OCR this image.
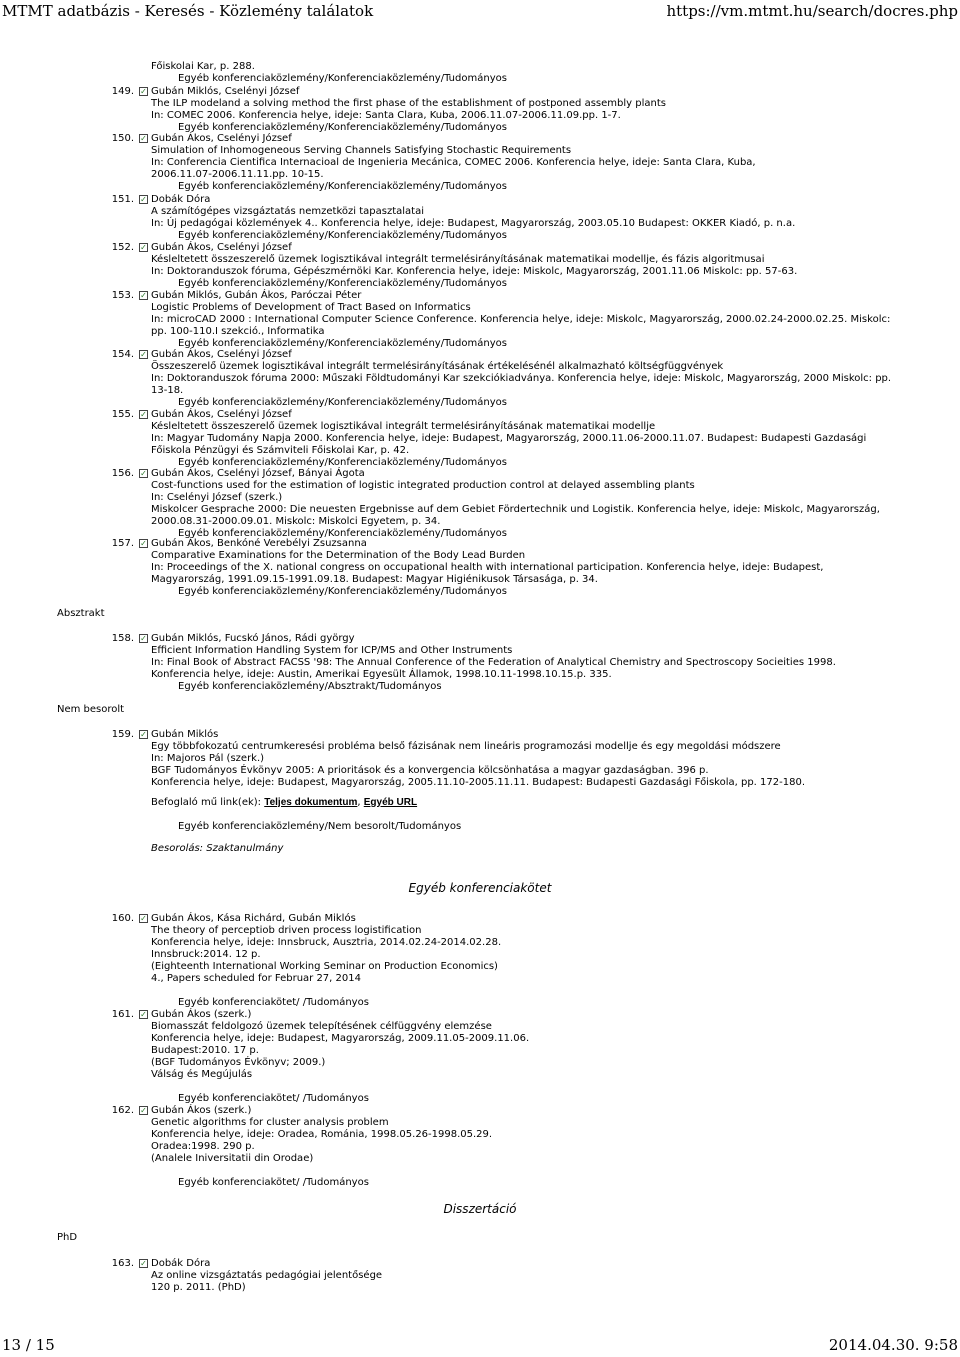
MTMT adatbázis - Keresés - Közlemény találatok	https://vm.mtmt.hu/search/docres.php
Főiskolai Kar, p. 288.
Egyéb konferenciaközlemény/Konferenciaközlemény/Tudományos
149. ✓ Gubán Miklós, Cselényi József
The ILP modeland a solving method the first phase of the establishment of postponed assembly plants
In: COMEC 2006. Konferencia helye, ideje: Santa Clara, Kuba, 2006.11.07-2006.11.09.pp. 1-7.
Egyéb konferenciaközlemény/Konferenciaközlemény/Tudományos
150. ✓ Gubán Ákos, Cselényi József
Simulation of Inhomogeneous Serving Channels Satisfying Stochastic Requirements
In: Conferencia Cientifica Internacioal de Ingenieria Mecánica, COMEC 2006. Konferencia helye, ideje: Santa Clara, Kuba,
2006.11.07-2006.11.11.pp. 10-15.
Egyéb konferenciaközlemény/Konferenciaközlemény/Tudományos
151. ✓ Dobák Dóra
A számítógépes vizsgáztatás nemzetközi tapasztalatai
In: Új pedagógai közlemények 4.. Konferencia helye, ideje: Budapest, Magyarország, 2003.05.10 Budapest: OKKER Kiadó, p. n.a.
Egyéb konferenciaközlemény/Konferenciaközlemény/Tudományos
152. ✓ Gubán Ákos, Cselényi József
Késleltetett összeszerelő üzemek logisztikával integrált termelésirányításának matematikai modellje, és fázis algoritmusai
In: Doktoranduszok fóruma, Gépészmérnöki Kar. Konferencia helye, ideje: Miskolc, Magyarország, 2001.11.06 Miskolc: pp. 57-63.
Egyéb konferenciaközlemény/Konferenciaközlemény/Tudományos
153. ✓ Gubán Miklós, Gubán Ákos, Paróczai Péter
Logistic Problems of Development of Tract Based on Informatics
In: microCAD 2000 : International Computer Science Conference. Konferencia helye, ideje: Miskolc, Magyarország, 2000.02.24-2000.02.25. Miskolc:
pp. 100-110.I szekció., Informatika
Egyéb konferenciaközlemény/Konferenciaközlemény/Tudományos
154. ✓ Gubán Ákos, Cselényi József
Összeszerelő üzemek logisztikával integrált termelésirányításának értékelésénél alkalmazható költségfüggvények
In: Doktoranduszok fóruma 2000: Műszaki Földtudományi Kar szekciókiadványa. Konferencia helye, ideje: Miskolc, Magyarország, 2000 Miskolc: pp.
13-18.
Egyéb konferenciaközlemény/Konferenciaközlemény/Tudományos
155. ✓ Gubán Ákos, Cselényi József
Késleltetett összeszerelő üzemek logisztikával integrált termelésirányításának matematikai modellje
In: Magyar Tudomány Napja 2000. Konferencia helye, ideje: Budapest, Magyarország, 2000.11.06-2000.11.07. Budapest: Budapesti Gazdasági
Főiskola Pénzügyi és Számviteli Főiskolai Kar, p. 42.
Egyéb konferenciaközlemény/Konferenciaközlemény/Tudományos
156. ✓ Gubán Ákos, Cselényi József, Bányai Ágota
Cost-functions used for the estimation of logistic integrated production control at delayed assembling plants
In: Cselényi József (szerk.)
Miskolcer Gesprache 2000: Die neuesten Ergebnisse auf dem Gebiet Fördertechnik und Logistik. Konferencia helye, ideje: Miskolc, Magyarország,
2000.08.31-2000.09.01. Miskolc: Miskolci Egyetem, p. 34.
Egyéb konferenciaközlemény/Konferenciaközlemény/Tudományos
157. ✓ Gubán Ákos, Benkóné Verebélyi Zsuzsanna
Comparative Examinations for the Determination of the Body Lead Burden
In: Proceedings of the X. national congress on occupational health with international participation. Konferencia helye, ideje: Budapest,
Magyarország, 1991.09.15-1991.09.18. Budapest: Magyar Higiénikusok Társasága, p. 34.
Egyéb konferenciaközlemény/Konferenciaközlemény/Tudományos
Absztrakt
158. ✓ Gubán Miklós, Fucskó János, Rádi györgy
Efficient Information Handling System for ICP/MS and Other Instruments
In: Final Book of Abstract FACSS '98: The Annual Conference of the Federation of Analytical Chemistry and Spectroscopy Socieities 1998.
Konferencia helye, ideje: Austin, Amerikai Egyesült Államok, 1998.10.11-1998.10.15.p. 335.
Egyéb konferenciaközlemény/Absztrakt/Tudományos
Nem besorolt
159. ✓ Gubán Miklós
Egy többfokozatú centrumkeresési probléma belső fázisának nem lineáris programozási modellje és egy megoldási módszere
In: Majoros Pál (szerk.)
BGF Tudományos Évkönyv 2005: A prioritások és a konvergencia kölcsönhatása a magyar gazdaságban. 396 p.
Konferencia helye, ideje: Budapest, Magyarország, 2005.11.10-2005.11.11. Budapest: Budapesti Gazdasági Főiskola, pp. 172-180.
Befoglaló mű link(ek): Teljes dokumentum, Egyéb URL
Egyéb konferenciaközlemény/Nem besorolt/Tudományos
Besorolás: Szaktanulmány
Egyéb konferenciakötet
160. ✓ Gubán Ákos, Kása Richárd, Gubán Miklós
The theory of perceptiob driven process logistification
Konferencia helye, ideje: Innsbruck, Ausztria, 2014.02.24-2014.02.28.
Innsbruck:2014. 12 p.
(Eighteenth International Working Seminar on Production Economics)
4., Papers scheduled for Februar 27, 2014
Egyéb konferenciakötet/ /Tudományos
161. ✓ Gubán Ákos (szerk.)
Biomasszát feldolgozó üzemek telepítésének célfüggvény elemzése
Konferencia helye, ideje: Budapest, Magyarország, 2009.11.05-2009.11.06.
Budapest:2010. 17 p.
(BGF Tudományos Évkönyv; 2009.)
Válság és Megújulás
Egyéb konferenciakötet/ /Tudományos
162. ✓ Gubán Ákos (szerk.)
Genetic algorithms for cluster analysis problem
Konferencia helye, ideje: Oradea, Románia, 1998.05.26-1998.05.29.
Oradea:1998. 290 p.
(Analele Iniversitatii din Orodae)
Egyéb konferenciakötet/ /Tudományos
Disszertáció
PhD
163. ✓ Dobák Dóra
Az online vizsgáztatás pedagógiai jelentősége
120 p. 2011. (PhD)
13 / 15	2014.04.30. 9:58
